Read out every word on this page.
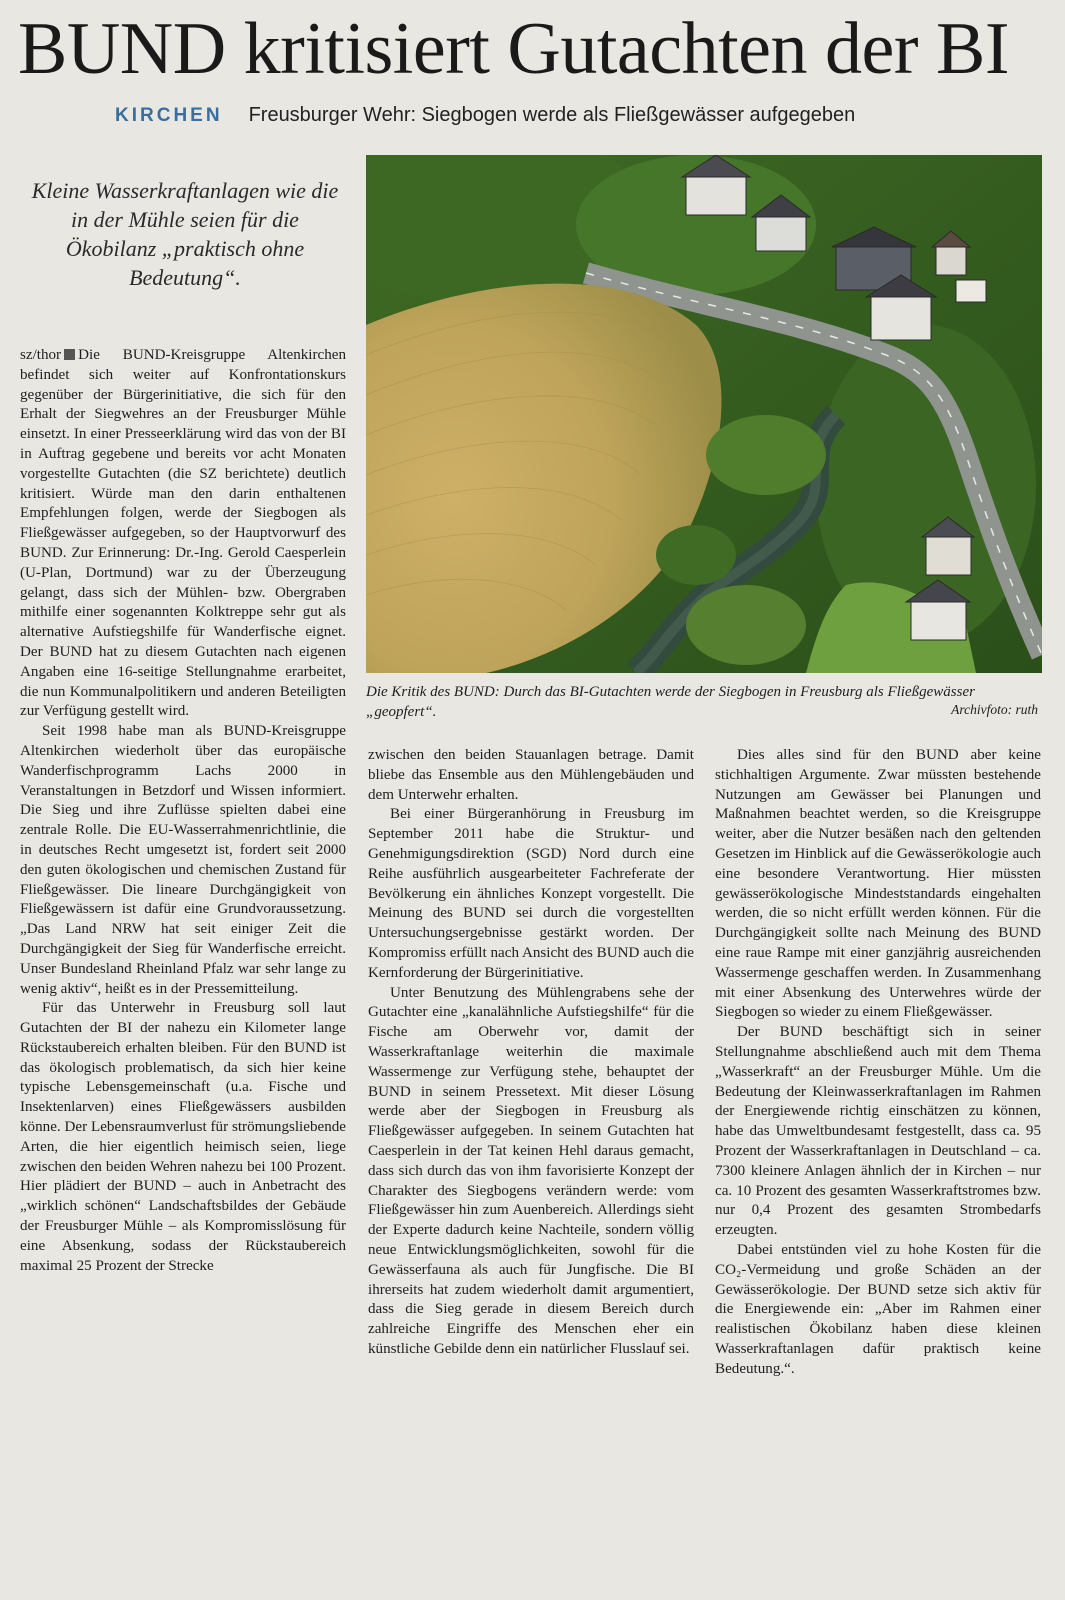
BUND kritisiert Gutachten der BI
KIRCHEN Freusburger Wehr: Siegbogen werde als Fließgewässer aufgegeben
Kleine Wasserkraftanlagen wie die in der Mühle seien für die Ökobilanz „praktisch ohne Bedeutung“.

sz/thor Die BUND-Kreisgruppe Altenkirchen befindet sich weiter auf Konfrontationskurs gegenüber der Bürgerinitiative, die sich für den Erhalt der Siegwehres an der Freusburger Mühle einsetzt. In einer Presseerklärung wird das von der BI in Auftrag gegebene und bereits vor acht Monaten vorgestellte Gutachten (die SZ berichtete) deutlich kritisiert. Würde man den darin enthaltenen Empfehlungen folgen, werde der Siegbogen als Fließgewässer aufgegeben, so der Hauptvorwurf des BUND. Zur Erinnerung: Dr.-Ing. Gerold Caesperlein (U-Plan, Dortmund) war zu der Überzeugung gelangt, dass sich der Mühlen- bzw. Obergraben mithilfe einer sogenannten Kolktreppe sehr gut als alternative Aufstiegshilfe für Wanderfische eignet. Der BUND hat zu diesem Gutachten nach eigenen Angaben eine 16-seitige Stellungnahme erarbeitet, die nun Kommunalpolitikern und anderen Beteiligten zur Verfügung gestellt wird.

Seit 1998 habe man als BUND-Kreisgruppe Altenkirchen wiederholt über das europäische Wanderfischprogramm Lachs 2000 in Veranstaltungen in Betzdorf und Wissen informiert. Die Sieg und ihre Zuflüsse spielten dabei eine zentrale Rolle. Die EU-Wasserrahmenrichtlinie, die in deutsches Recht umgesetzt ist, fordert seit 2000 den guten ökologischen und chemischen Zustand für Fließgewässer. Die lineare Durchgängigkeit von Fließgewässern ist dafür eine Grundvoraussetzung. „Das Land NRW hat seit einiger Zeit die Durchgängigkeit der Sieg für Wanderfische erreicht. Unser Bundesland Rheinland Pfalz war sehr lange zu wenig aktiv“, heißt es in der Pressemitteilung.

Für das Unterwehr in Freusburg soll laut Gutachten der BI der nahezu ein Kilometer lange Rückstaubereich erhalten bleiben. Für den BUND ist das ökologisch problematisch, da sich hier keine typische Lebensgemeinschaft (u.a. Fische und Insektenlarven) eines Fließgewässers ausbilden könne. Der Lebensraumverlust für strömungsliebende Arten, die hier eigentlich heimisch seien, liege zwischen den beiden Wehren nahezu bei 100 Prozent. Hier plädiert der BUND – auch in Anbetracht des „wirklich schönen“ Landschaftsbildes der Gebäude der Freusburger Mühle – als Kompromisslösung für eine Absenkung, sodass der Rückstaubereich maximal 25 Prozent der Strecke

Die Kritik des BUND: Durch das BI-Gutachten werde der Siegbogen in Freusburg als Fließgewässer „geopfert“.	Archivfoto: ruth

zwischen den beiden Stauanlagen betrage. Damit bliebe das Ensemble aus den Mühlengebäuden und dem Unterwehr erhalten.

Bei einer Bürgeranhörung in Freusburg im September 2011 habe die Struktur- und Genehmigungsdirektion (SGD) Nord durch eine Reihe ausführlich ausgearbeiteter Fachreferate der Bevölkerung ein ähnliches Konzept vorgestellt. Die Meinung des BUND sei durch die vorgestellten Untersuchungsergebnisse gestärkt worden. Der Kompromiss erfüllt nach Ansicht des BUND auch die Kernforderung der Bürgerinitiative.

Unter Benutzung des Mühlengrabens sehe der Gutachter eine „kanalähnliche Aufstiegshilfe“ für die Fische am Oberwehr vor, damit der Wasserkraftanlage weiterhin die maximale Wassermenge zur Verfügung stehe, behauptet der BUND in seinem Pressetext. Mit dieser Lösung werde aber der Siegbogen in Freusburg als Fließgewässer aufgegeben. In seinem Gutachten hat Caesperlein in der Tat keinen Hehl daraus gemacht, dass sich durch das von ihm favorisierte Konzept der Charakter des Siegbogens verändern werde: vom Fließgewässer hin zum Auenbereich. Allerdings sieht der Experte dadurch keine Nachteile, sondern völlig neue Entwicklungsmöglichkeiten, sowohl für die Gewässerfauna als auch für Jungfische. Die BI ihrerseits hat zudem wiederholt damit argumentiert, dass die Sieg gerade in diesem Bereich durch zahlreiche Eingriffe des Menschen eher ein künstliche Gebilde denn ein natürlicher Flusslauf sei.

Dies alles sind für den BUND aber keine stichhaltigen Argumente. Zwar müssten bestehende Nutzungen am Gewässer bei Planungen und Maßnahmen beachtet werden, so die Kreisgruppe weiter, aber die Nutzer besäßen nach den geltenden Gesetzen im Hinblick auf die Gewässerökologie auch eine besondere Verantwortung. Hier müssten gewässerökologische Mindeststandards eingehalten werden, die so nicht erfüllt werden können. Für die Durchgängigkeit sollte nach Meinung des BUND eine raue Rampe mit einer ganzjährig ausreichenden Wassermenge geschaffen werden. In Zusammenhang mit einer Absenkung des Unterwehres würde der Siegbogen so wieder zu einem Fließgewässer.

Der BUND beschäftigt sich in seiner Stellungnahme abschließend auch mit dem Thema „Wasserkraft“ an der Freusburger Mühle. Um die Bedeutung der Kleinwasserkraftanlagen im Rahmen der Energiewende richtig einschätzen zu können, habe das Umweltbundesamt festgestellt, dass ca. 95 Prozent der Wasserkraftanlagen in Deutschland – ca. 7300 kleinere Anlagen ähnlich der in Kirchen – nur ca. 10 Prozent des gesamten Wasserkraftstromes bzw. nur 0,4 Prozent des gesamten Strombedarfs erzeugten.

Dabei entstünden viel zu hohe Kosten für die CO₂-Vermeidung und große Schäden an der Gewässerökologie. Der BUND setze sich aktiv für die Energiewende ein: „Aber im Rahmen einer realistischen Ökobilanz haben diese kleinen Wasserkraftanlagen dafür praktisch keine Bedeutung.“.
